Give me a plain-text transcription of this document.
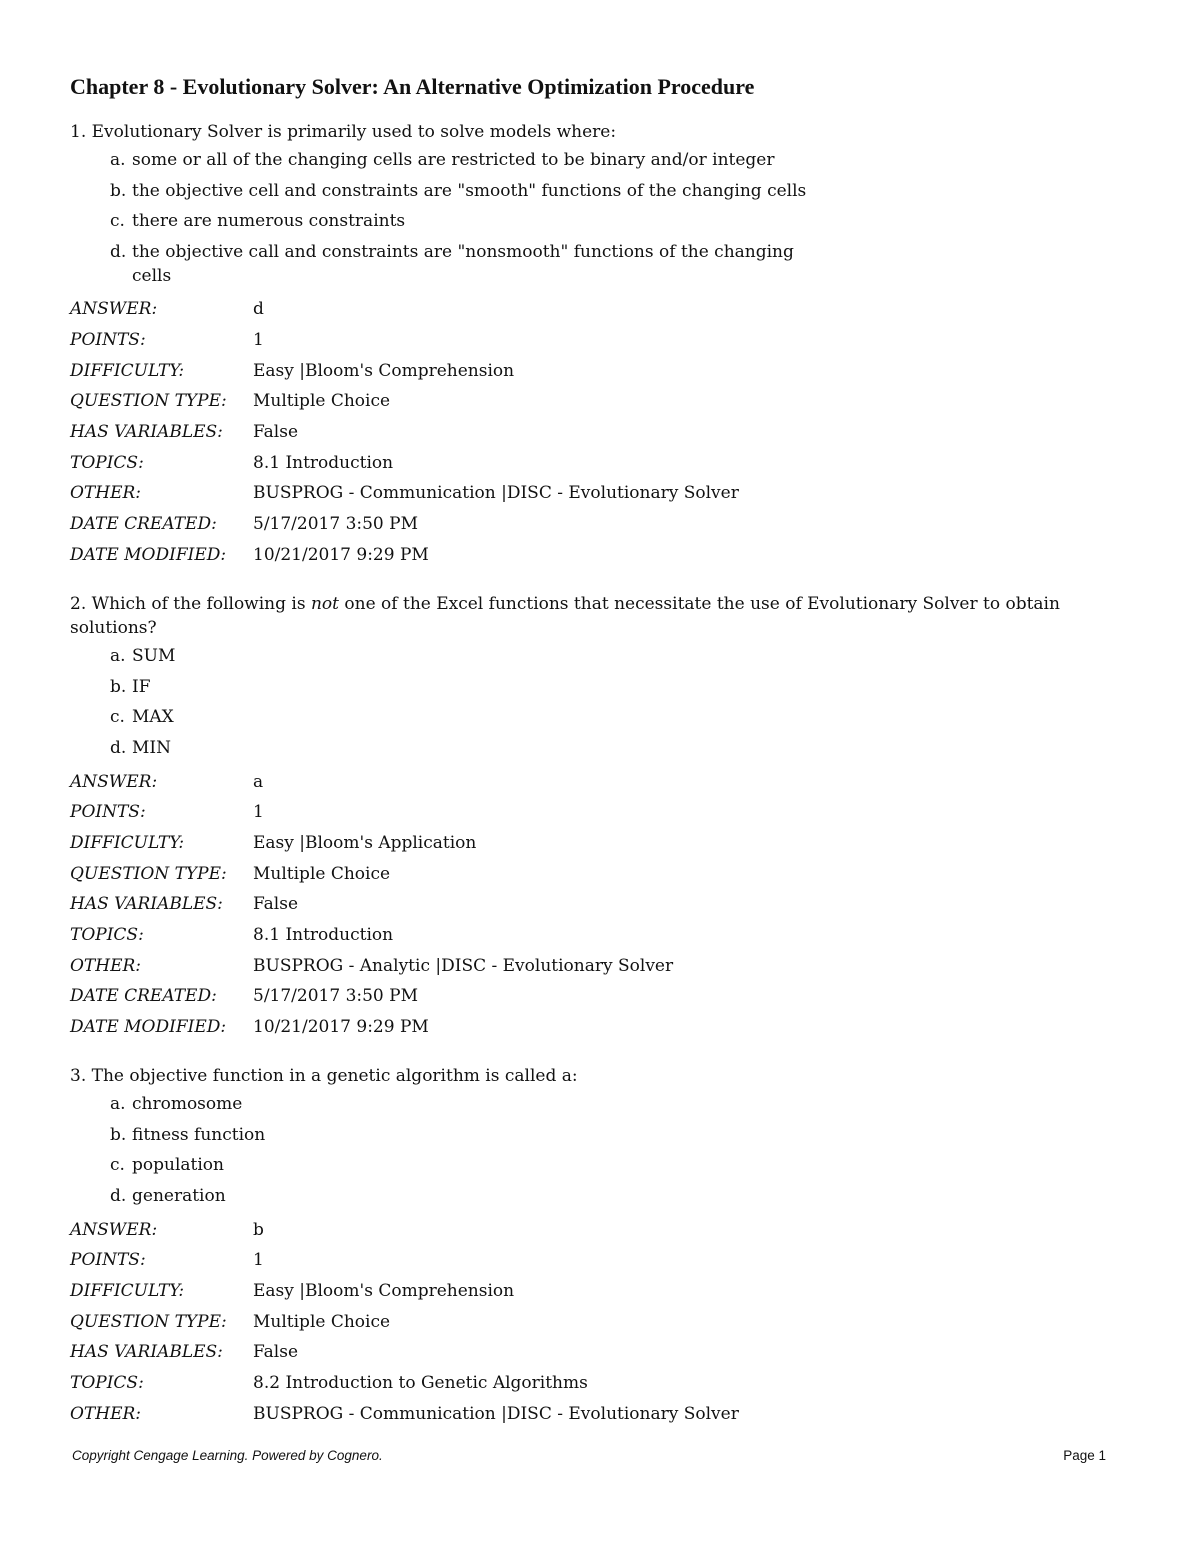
Chapter 8 - Evolutionary Solver: An Alternative Optimization Procedure

1. Evolutionary Solver is primarily used to solve models where:

a. some or all of the changing cells are restricted to be binary and/or integer
b. the objective cell and constraints are "smooth" functions of the changing cells
c. there are numerous constraints
d. the objective call and constraints are "nonsmooth" functions of the changing cells
ANSWER:	d
POINTS:	1
DIFFICULTY:	Easy |Bloom's Comprehension
QUESTION TYPE:	Multiple Choice
HAS VARIABLES:	False
TOPICS:	8.1 Introduction
OTHER:	BUSPROG - Communication |DISC - Evolutionary Solver
DATE CREATED:	5/17/2017 3:50 PM
DATE MODIFIED:	10/21/2017 9:29 PM

2. Which of the following is not one of the Excel functions that necessitate the use of Evolutionary Solver to obtain solutions?

a. SUM
b. IF
c. MAX
d. MIN
ANSWER:	a
POINTS:	1
DIFFICULTY:	Easy |Bloom's Application
QUESTION TYPE:	Multiple Choice
HAS VARIABLES:	False
TOPICS:	8.1 Introduction
OTHER:	BUSPROG - Analytic |DISC - Evolutionary Solver
DATE CREATED:	5/17/2017 3:50 PM
DATE MODIFIED:	10/21/2017 9:29 PM

3. The objective function in a genetic algorithm is called a:

a. chromosome
b. fitness function
c. population
d. generation
ANSWER:	b
POINTS:	1
DIFFICULTY:	Easy |Bloom's Comprehension
QUESTION TYPE:	Multiple Choice
HAS VARIABLES:	False
TOPICS:	8.2 Introduction to Genetic Algorithms
OTHER:	BUSPROG - Communication |DISC - Evolutionary Solver
Copyright Cengage Learning. Powered by Cognero.	Page 1
